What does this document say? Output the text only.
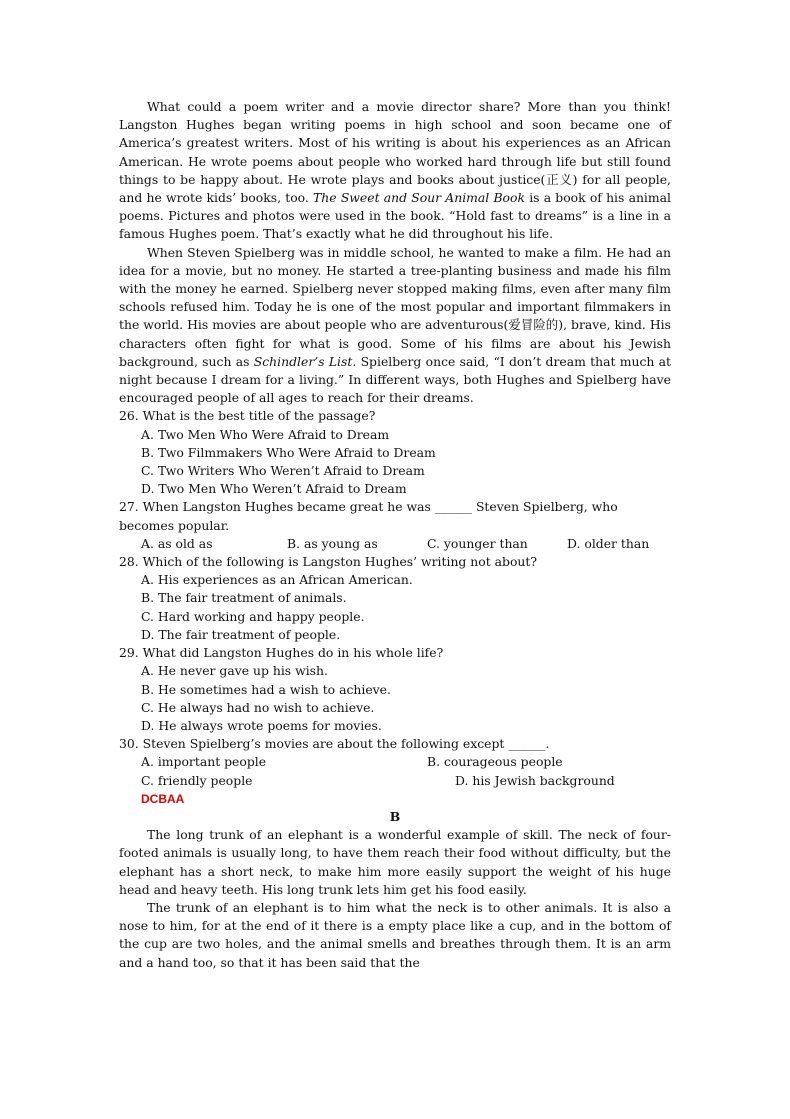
What could a poem writer and a movie director share? More than you think! Langston Hughes began writing poems in high school and soon became one of America’s greatest writers. Most of his writing is about his experiences as an African American. He wrote poems about people who worked hard through life but still found things to be happy about. He wrote plays and books about justice(正义) for all people, and he wrote kids’ books, too. The Sweet and Sour Animal Book is a book of his animal poems. Pictures and photos were used in the book. “Hold fast to dreams” is a line in a famous Hughes poem. That’s exactly what he did throughout his life.

When Steven Spielberg was in middle school, he wanted to make a film. He had an idea for a movie, but no money. He started a tree-planting business and made his film with the money he earned. Spielberg never stopped making films, even after many film schools refused him. Today he is one of the most popular and important filmmakers in the world. His movies are about people who are adventurous(爱冒险的), brave, kind. His characters often fight for what is good. Some of his films are about his Jewish background, such as Schindler’s List. Spielberg once said, “I don’t dream that much at night because I dream for a living.” In different ways, both Hughes and Spielberg have encouraged people of all ages to reach for their dreams.

26. What is the best title of the passage?

A. Two Men Who Were Afraid to Dream

B. Two Filmmakers Who Were Afraid to Dream

C. Two Writers Who Weren’t Afraid to Dream

D. Two Men Who Weren’t Afraid to Dream

27. When Langston Hughes became great he was ______ Steven Spielberg, who becomes popular.

A. as old as	B. as young as	C. younger than	D. older than

28. Which of the following is Langston Hughes’ writing not about?

A. His experiences as an African American.

B. The fair treatment of animals.

C. Hard working and happy people.

D. The fair treatment of people.

29. What did Langston Hughes do in his whole life?

A. He never gave up his wish.

B. He sometimes had a wish to achieve.

C. He always had no wish to achieve.

D. He always wrote poems for movies.

30. Steven Spielberg’s movies are about the following except ______.

A. important people	B. courageous people
C. friendly people	D. his Jewish background

DCBAA

B

The long trunk of an elephant is a wonderful example of skill. The neck of four-footed animals is usually long, to have them reach their food without difficulty, but the elephant has a short neck, to make him more easily support the weight of his huge head and heavy teeth. His long trunk lets him get his food easily.

The trunk of an elephant is to him what the neck is to other animals. It is also a nose to him, for at the end of it there is a empty place like a cup, and in the bottom of the cup are two holes, and the animal smells and breathes through them. It is an arm and a hand too, so that it has been said that the
